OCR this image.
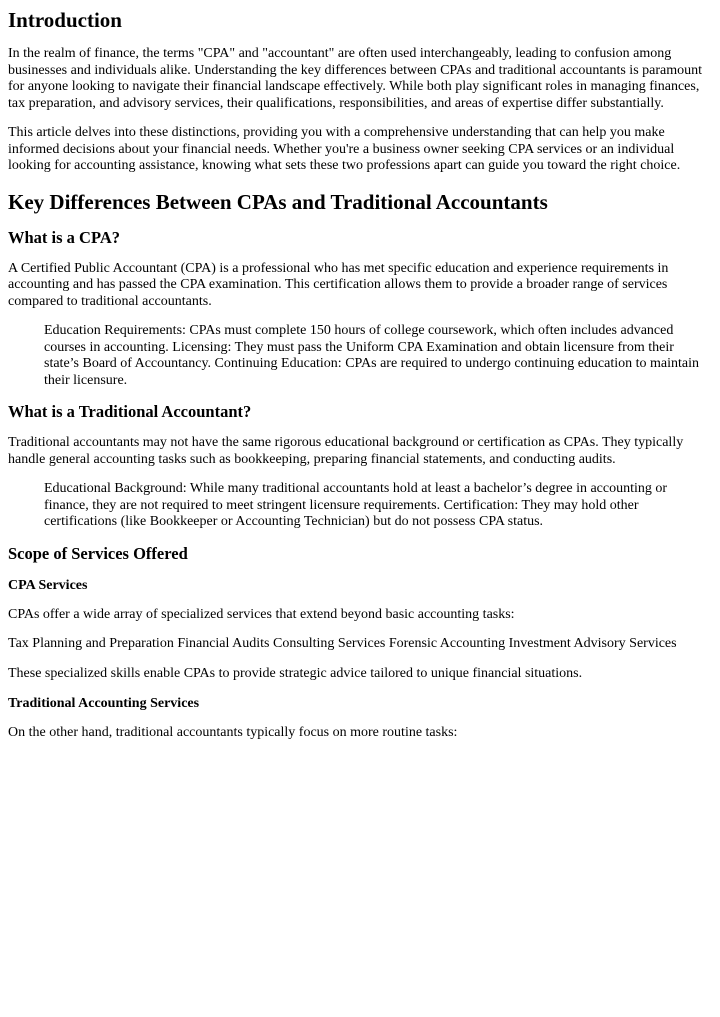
Introduction

In the realm of finance, the terms "CPA" and "accountant" are often used interchangeably, leading to confusion among businesses and individuals alike. Understanding the key differences between CPAs and traditional accountants is paramount for anyone looking to navigate their financial landscape effectively. While both play significant roles in managing finances, tax preparation, and advisory services, their qualifications, responsibilities, and areas of expertise differ substantially.

This article delves into these distinctions, providing you with a comprehensive understanding that can help you make informed decisions about your financial needs. Whether you're a business owner seeking CPA services or an individual looking for accounting assistance, knowing what sets these two professions apart can guide you toward the right choice.

Key Differences Between CPAs and Traditional Accountants
What is a CPA?

A Certified Public Accountant (CPA) is a professional who has met specific education and experience requirements in accounting and has passed the CPA examination. This certification allows them to provide a broader range of services compared to traditional accountants.

Education Requirements: CPAs must complete 150 hours of college coursework, which often includes advanced courses in accounting. Licensing: They must pass the Uniform CPA Examination and obtain licensure from their state’s Board of Accountancy. Continuing Education: CPAs are required to undergo continuing education to maintain their licensure.
What is a Traditional Accountant?

Traditional accountants may not have the same rigorous educational background or certification as CPAs. They typically handle general accounting tasks such as bookkeeping, preparing financial statements, and conducting audits.

Educational Background: While many traditional accountants hold at least a bachelor’s degree in accounting or finance, they are not required to meet stringent licensure requirements. Certification: They may hold other certifications (like Bookkeeper or Accounting Technician) but do not possess CPA status.
Scope of Services Offered
CPA Services

CPAs offer a wide array of specialized services that extend beyond basic accounting tasks:

Tax Planning and Preparation Financial Audits Consulting Services Forensic Accounting Investment Advisory Services

These specialized skills enable CPAs to provide strategic advice tailored to unique financial situations.

Traditional Accounting Services

On the other hand, traditional accountants typically focus on more routine tasks:
